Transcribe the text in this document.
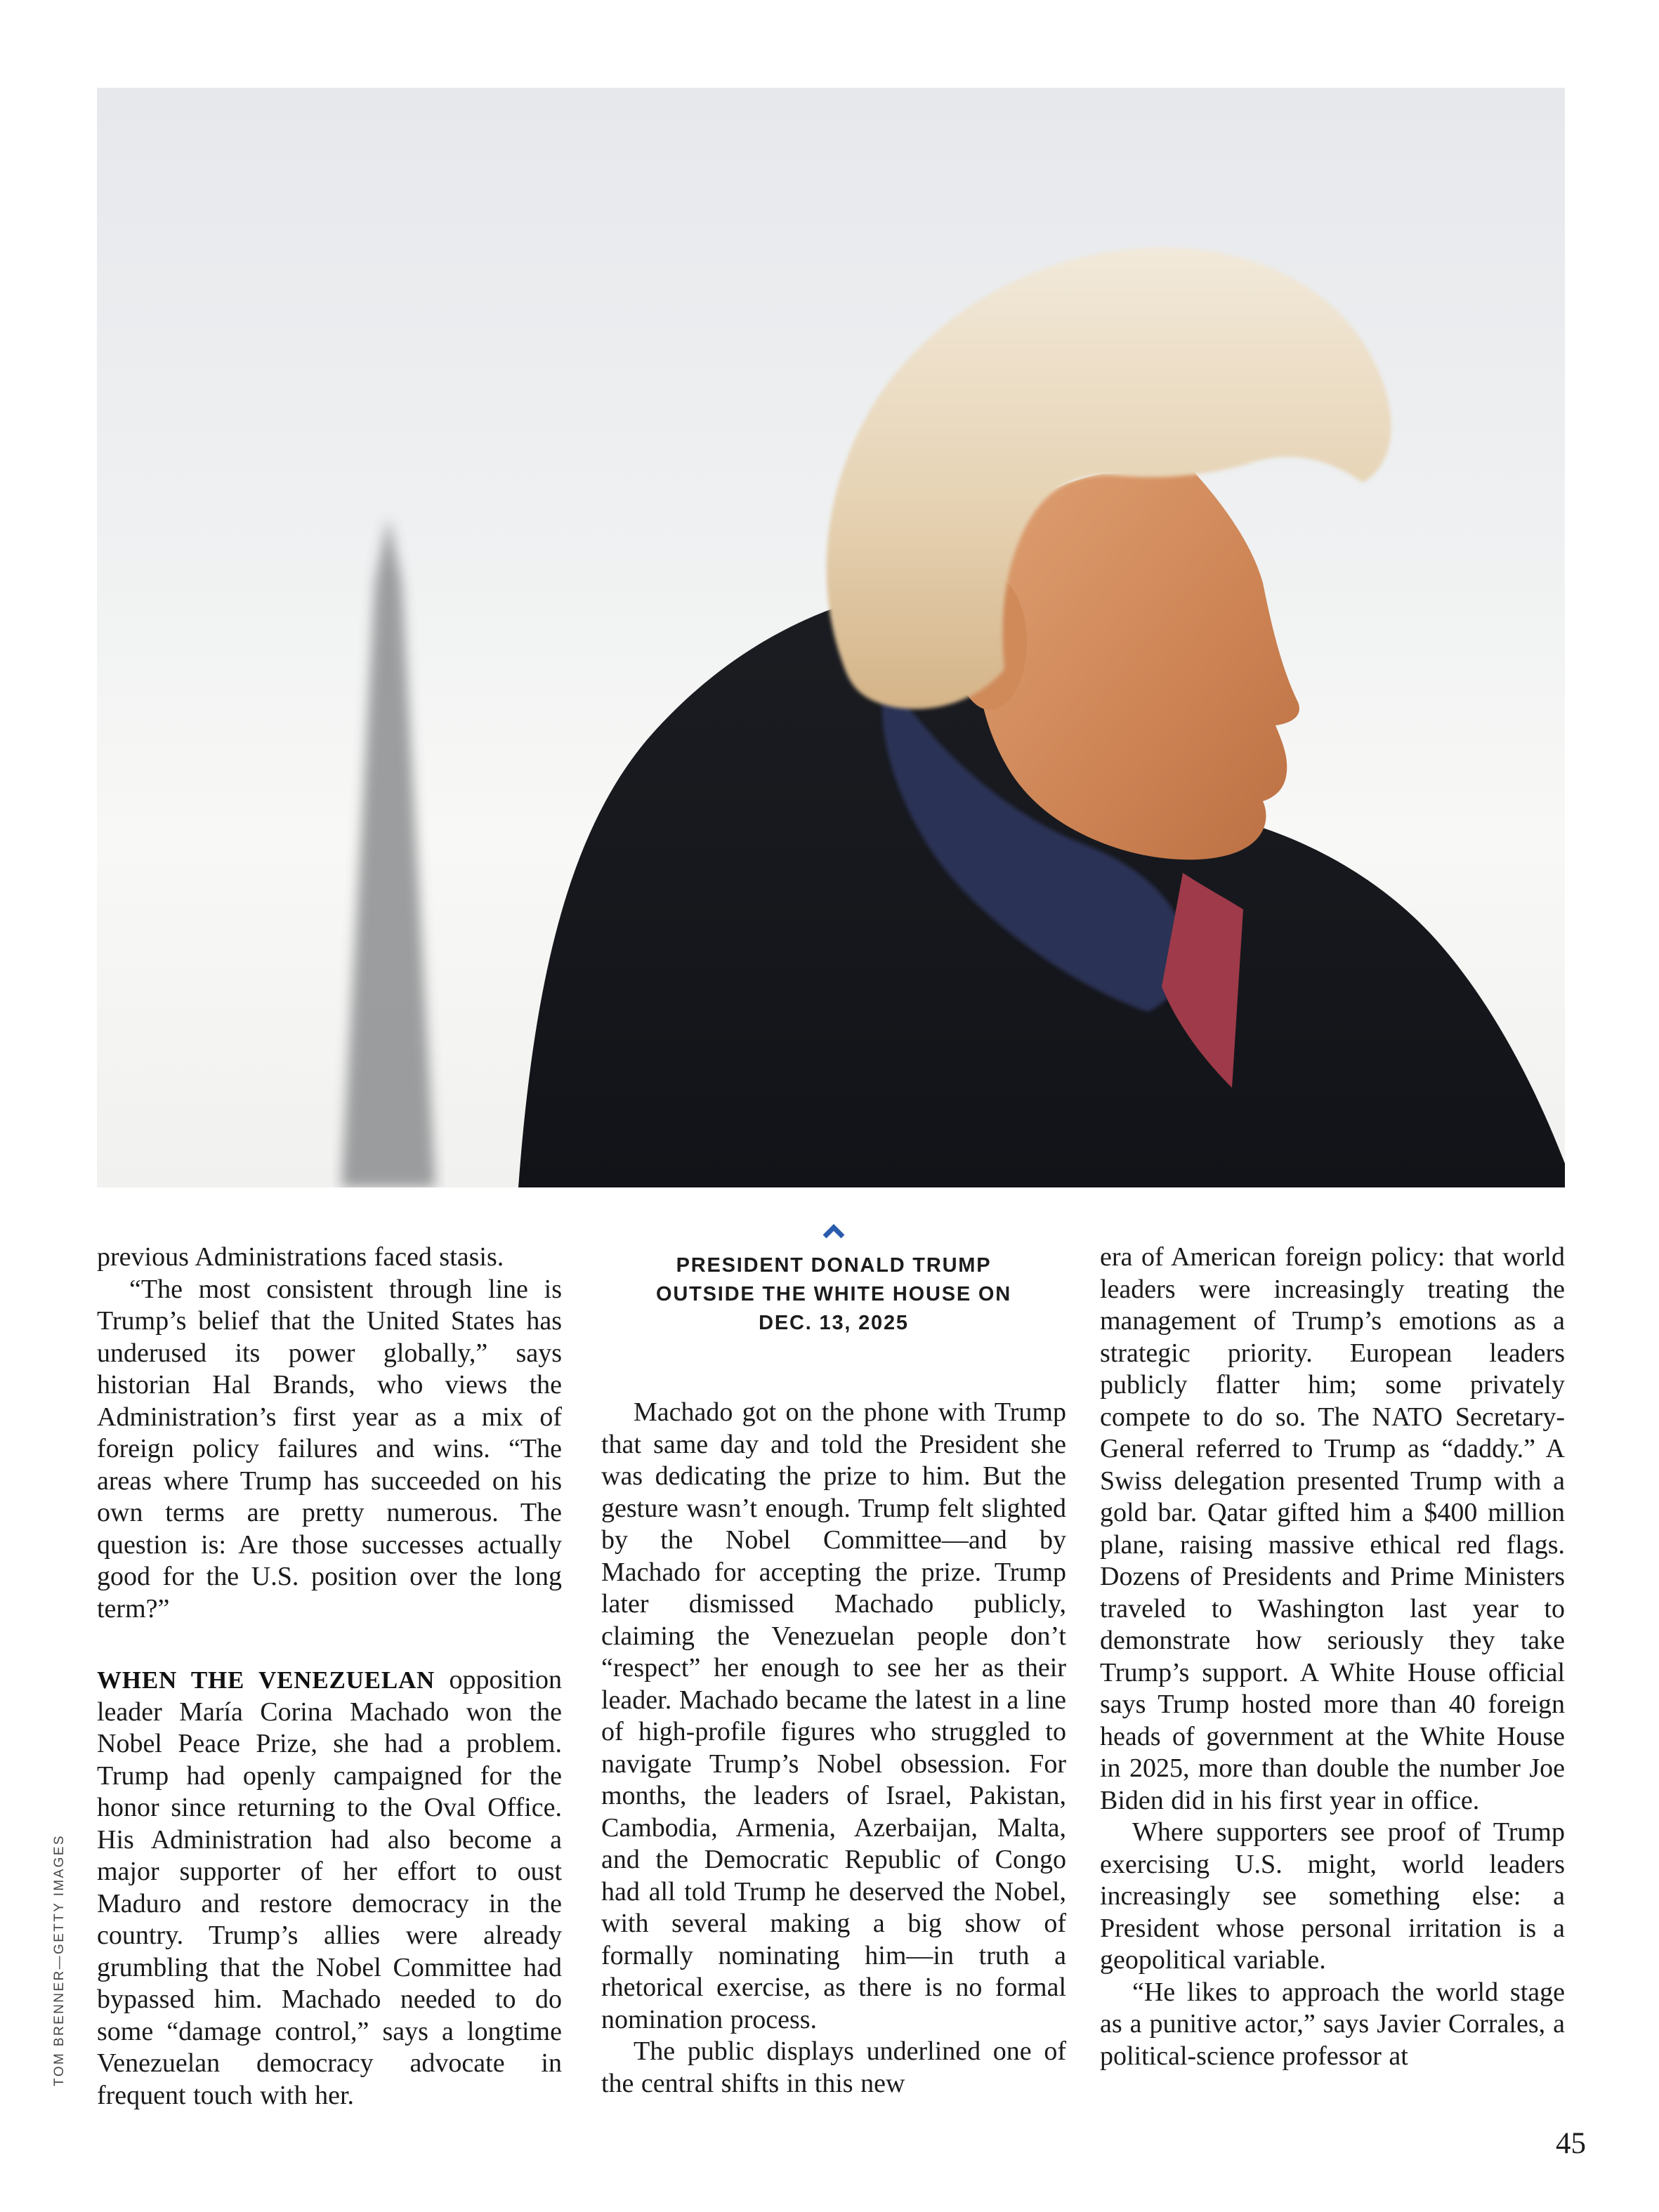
TOM BRENNER—GETTY IMAGES

previous Administrations faced stasis.

“The most consistent through line is Trump’s belief that the United States has underused its power globally,” says historian Hal Brands, who views the Administration’s first year as a mix of foreign policy failures and wins. “The areas where Trump has succeeded on his own terms are pretty numerous. The question is: Are those successes actually good for the U.S. position over the long term?”

WHEN THE VENEZUELAN opposition leader María Corina Machado won the Nobel Peace Prize, she had a problem. Trump had openly campaigned for the honor since returning to the Oval Office. His Administration had also become a major supporter of her effort to oust Maduro and restore democracy in the country. Trump’s allies were already grumbling that the Nobel Committee had bypassed him. Machado needed to do some “damage control,” says a longtime Venezuelan democracy advocate in frequent touch with her.

PRESIDENT DONALD TRUMP
OUTSIDE THE WHITE HOUSE ON
DEC. 13, 2025

Machado got on the phone with Trump that same day and told the President she was dedicating the prize to him. But the gesture wasn’t enough. Trump felt slighted by the Nobel Committee—and by Machado for accepting the prize. Trump later dismissed Machado publicly, claiming the Venezuelan people don’t “respect” her enough to see her as their leader. Machado became the latest in a line of high-profile figures who struggled to navigate Trump’s Nobel obsession. For months, the leaders of Israel, Pakistan, Cambodia, Armenia, Azerbaijan, Malta, and the Democratic Republic of Congo had all told Trump he deserved the Nobel, with several making a big show of formally nominating him—in truth a rhetorical exercise, as there is no formal nomination process.

The public displays underlined one of the central shifts in this new

era of American foreign policy: that world leaders were increasingly treating the management of Trump’s emotions as a strategic priority. European leaders publicly flatter him; some privately compete to do so. The NATO Secretary-General referred to Trump as “daddy.” A Swiss delegation presented Trump with a gold bar. Qatar gifted him a $400 million plane, raising massive ethical red flags. Dozens of Presidents and Prime Ministers traveled to Washington last year to demonstrate how seriously they take Trump’s support. A White House official says Trump hosted more than 40 foreign heads of government at the White House in 2025, more than double the number Joe Biden did in his first year in office.

Where supporters see proof of Trump exercising U.S. might, world leaders increasingly see something else: a President whose personal irritation is a geopolitical variable.

“He likes to approach the world stage as a punitive actor,” says Javier Corrales, a political-science professor at

45
